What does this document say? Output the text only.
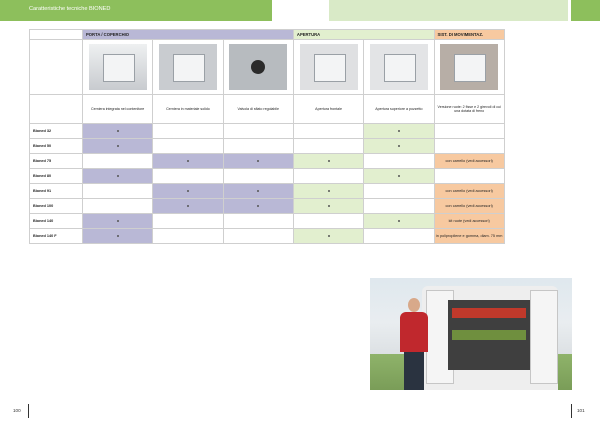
Caratteristiche tecniche BIONED
	PORTA / COPERCHIO			APERTURA		SIST. DI MOVIMENTAZ.

	Cerniera integrata nel contenitore	Cerniera in materiale solido	Valvola di sfiato regolabile	Apertura frontale	Apertura superiore a pozzetto	Versione ruote: 2 fisse e 2 girevoli di cui una dotata di freno
Bioned 32						
Bioned 50						
Bioned 75						con carrello (vedi accessori)
Bioned 80						
Bioned 91						con carrello (vedi accessori)
Bioned 100						con carrello (vedi accessori)
Bioned 140						kit ruote (vedi accessori)
Bioned 140 F						in polipropilene e gomma, diam. 75 mm
100	101
